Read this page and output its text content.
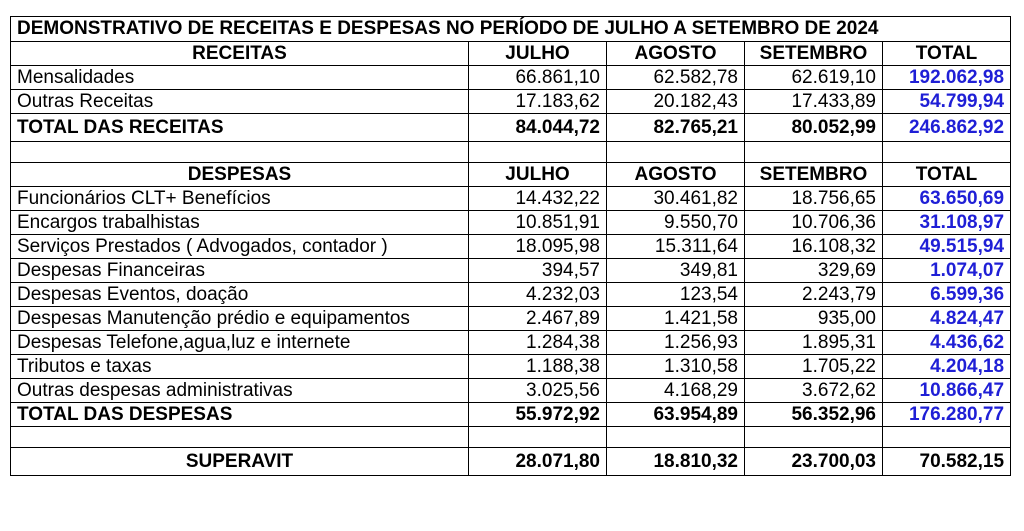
DEMONSTRATIVO DE RECEITAS E DESPESAS NO PERÍODO DE JULHO A SETEMBRO DE 2024				
RECEITAS	JULHO	AGOSTO	SETEMBRO	TOTAL
Mensalidades	66.861,10	62.582,78	62.619,10	192.062,98
Outras Receitas	17.183,62	20.182,43	17.433,89	54.799,94
TOTAL DAS RECEITAS	84.044,72	82.765,21	80.052,99	246.862,92

DESPESAS	JULHO	AGOSTO	SETEMBRO	TOTAL
Funcionários CLT+ Benefícios	14.432,22	30.461,82	18.756,65	63.650,69
Encargos trabalhistas	10.851,91	9.550,70	10.706,36	31.108,97
Serviços Prestados ( Advogados, contador )	18.095,98	15.311,64	16.108,32	49.515,94
Despesas Financeiras	394,57	349,81	329,69	1.074,07
Despesas Eventos, doação	4.232,03	123,54	2.243,79	6.599,36
Despesas Manutenção prédio e equipamentos	2.467,89	1.421,58	935,00	4.824,47
Despesas Telefone,agua,luz e internete	1.284,38	1.256,93	1.895,31	4.436,62
Tributos e taxas	1.188,38	1.310,58	1.705,22	4.204,18
Outras despesas administrativas	3.025,56	4.168,29	3.672,62	10.866,47
TOTAL DAS DESPESAS	55.972,92	63.954,89	56.352,96	176.280,77

SUPERAVIT	28.071,80	18.810,32	23.700,03	70.582,15
